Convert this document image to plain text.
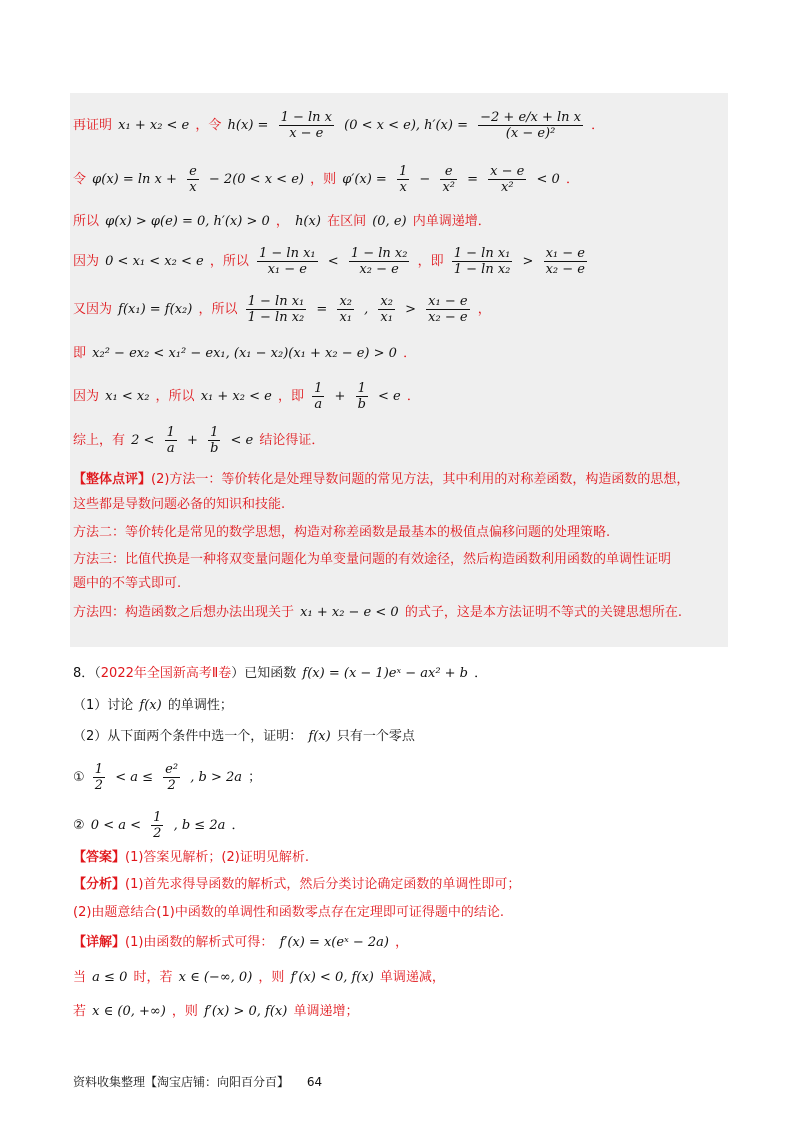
再证明 x₁ + x₂ < e ，令 $h(x) = \frac{\text{1 − ln x}}{x - e} (0 < x < e)$, $h'(x) = \frac{\text{−2 + e/x + ln x}}{\text{(x − e)²}}$ ．
令 $\varphi(x) = \ln x + \frac{e}{x} - 2(0 < x < e)$ ，则 $\varphi'(x) = \frac{1}{x} - \frac{e}{\text{x²}} = \frac{x - e}{\text{x²}} < 0$ ．
所以 φ(x) > φ(e) = 0, h′(x) > 0 ， h(x) 在区间 (0, e) 内单调递增．
因为 0 < x₁ < x₂ < e ，所以 $\frac{\text{1 − ln x₁}}{\text{x₁ − e}} < \frac{\text{1 − ln x₂}}{\text{x₂ − e}}$ ，即 $\frac{\text{1 − ln x₁}}{\text{1 − ln x₂}} > \frac{\text{x₁ − e}}{\text{x₂ − e}}$
又因为 f(x₁) = f(x₂) ，所以 $\frac{\text{1 − ln x₁}}{\text{1 − ln x₂}} = \frac{\text{x₂}}{\text{x₁}}$ , $\frac{\text{x₂}}{\text{x₁}} > \frac{\text{x₁ − e}}{\text{x₂ − e}}$ ，
即 x₂² − ex₂ < x₁² − ex₁, (x₁ − x₂)(x₁ + x₂ − e) > 0 ．
因为 x₁ < x₂ ，所以 x₁ + x₂ < e ，即 $\frac{1}{a} + \frac{1}{b} < e$ ．
综上，有 $2 < \frac{1}{a} + \frac{1}{b} < e$ 结论得证．
【整体点评】(2)方法一：等价转化是处理导数问题的常见方法，其中利用的对称差函数，构造函数的思想，
这些都是导数问题必备的知识和技能.
方法二：等价转化是常见的数学思想，构造对称差函数是最基本的极值点偏移问题的处理策略.
方法三：比值代换是一种将双变量问题化为单变量问题的有效途径，然后构造函数利用函数的单调性证明
题中的不等式即可.
方法四：构造函数之后想办法出现关于 x₁ + x₂ − e < 0 的式子，这是本方法证明不等式的关键思想所在.
8．（2022年全国新高考Ⅱ卷）已知函数 f(x) = (x − 1)eˣ − ax² + b ．
（1）讨论 f(x) 的单调性；
（2）从下面两个条件中选一个，证明： f(x) 只有一个零点
① $\frac{1}{2} < a \le \frac{\text{e²}}{2}$ , b > 2a ；
② $0 < a < \frac{1}{2}$ , b ≤ 2a ．
【答案】(1)答案见解析；(2)证明见解析.
【分析】(1)首先求得导函数的解析式，然后分类讨论确定函数的单调性即可；
(2)由题意结合(1)中函数的单调性和函数零点存在定理即可证得题中的结论.
【详解】(1)由函数的解析式可得： f′(x) = x(eˣ − 2a) ，
当 a ≤ 0 时，若 x ∈ (−∞, 0) ，则 f′(x) < 0, f(x) 单调递减，
若 x ∈ (0, +∞) ，则 f′(x) > 0, f(x) 单调递增；
资料收集整理【淘宝店铺：向阳百分百】 64
